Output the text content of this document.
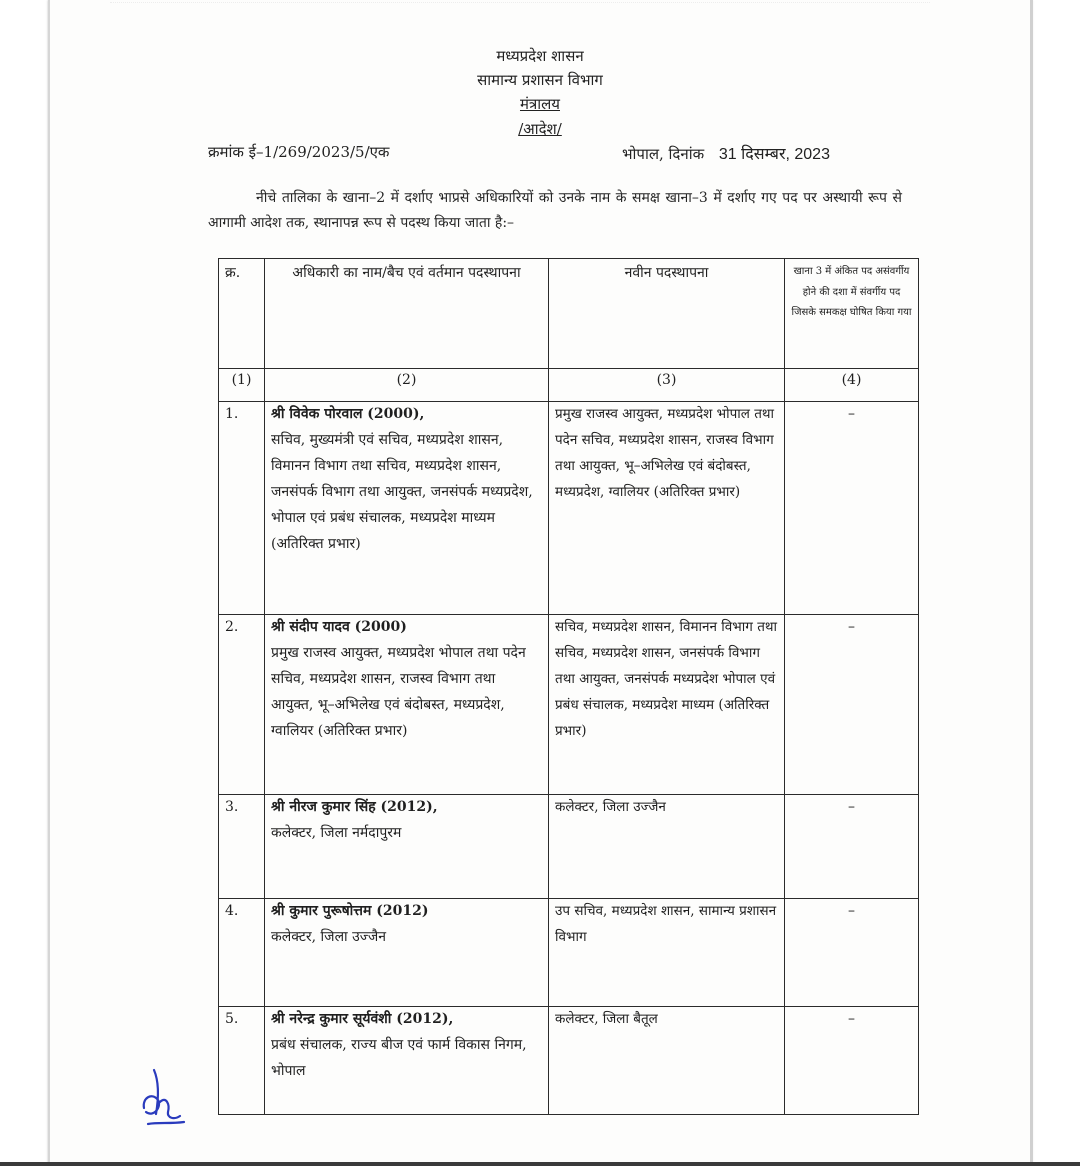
मध्यप्रदेश शासन
सामान्य प्रशासन विभाग
मंत्रालय
/आदेश/
क्रमांक ई–1/269/2023/5/एक	भोपाल, दिनांक 31 दिसम्बर, 2023
नीचे तालिका के खाना–2 में दर्शाए भाप्रसे अधिकारियों को उनके नाम के समक्ष खाना–3 में दर्शाए गए पद पर अस्थायी रूप से आगामी आदेश तक, स्थानापन्न रूप से पदस्थ किया जाता है:–
क्र.	अधिकारी का नाम/बैच एवं वर्तमान पदस्थापना	नवीन पदस्थापना	खाना 3 में अंकित पद असंवर्गीय होने की दशा में संवर्गीय पद जिसके समकक्ष घोषित किया गया
(1)	(2)	(3)	(4)
1.	श्री विवेक पोरवाल (2000),
सचिव, मुख्यमंत्री एवं सचिव, मध्यप्रदेश शासन, विमानन विभाग तथा सचिव, मध्यप्रदेश शासन, जनसंपर्क विभाग तथा आयुक्त, जनसंपर्क मध्यप्रदेश, भोपाल एवं प्रबंध संचालक, मध्यप्रदेश माध्यम (अतिरिक्त प्रभार)	प्रमुख राजस्व आयुक्त, मध्यप्रदेश भोपाल तथा पदेन सचिव, मध्यप्रदेश शासन, राजस्व विभाग तथा आयुक्त, भू–अभिलेख एवं बंदोबस्त, मध्यप्रदेश, ग्वालियर (अतिरिक्त प्रभार)	–
2.	श्री संदीप यादव (2000)
प्रमुख राजस्व आयुक्त, मध्यप्रदेश भोपाल तथा पदेन सचिव, मध्यप्रदेश शासन, राजस्व विभाग तथा आयुक्त, भू–अभिलेख एवं बंदोबस्त, मध्यप्रदेश, ग्वालियर (अतिरिक्त प्रभार)	सचिव, मध्यप्रदेश शासन, विमानन विभाग तथा सचिव, मध्यप्रदेश शासन, जनसंपर्क विभाग तथा आयुक्त, जनसंपर्क मध्यप्रदेश भोपाल एवं प्रबंध संचालक, मध्यप्रदेश माध्यम (अतिरिक्त प्रभार)	–
3.	श्री नीरज कुमार सिंह (2012),
कलेक्टर, जिला नर्मदापुरम	कलेक्टर, जिला उज्जैन	–
4.	श्री कुमार पुरूषोत्तम (2012)
कलेक्टर, जिला उज्जैन	उप सचिव, मध्यप्रदेश शासन, सामान्य प्रशासन विभाग	–
5.	श्री नरेन्द्र कुमार सूर्यवंशी (2012),
प्रबंध संचालक, राज्य बीज एवं फार्म विकास निगम, भोपाल	कलेक्टर, जिला बैतूल	–
